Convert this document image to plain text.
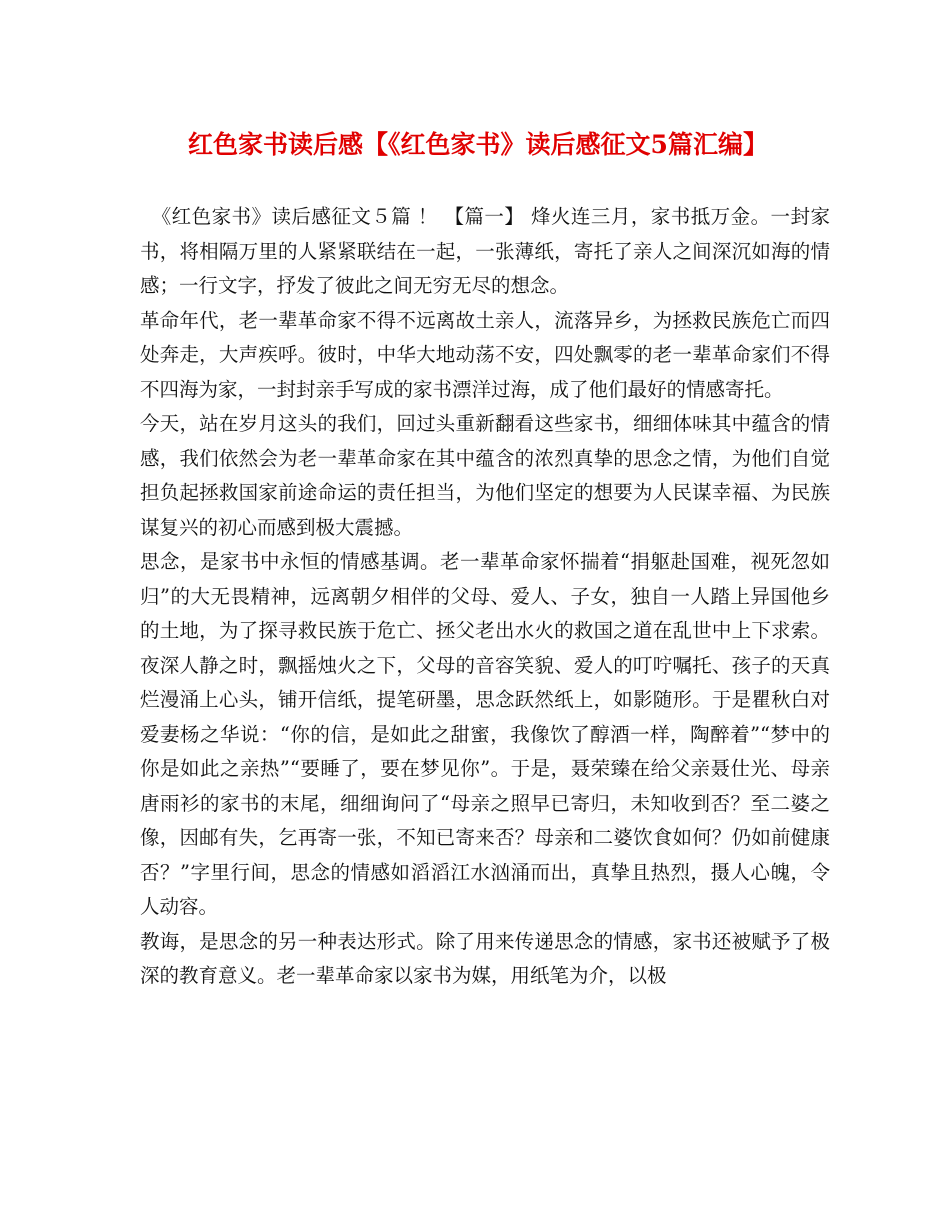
红色家书读后感【《红色家书》读后感征文5篇汇编】

《红色家书》读后感征文５篇 ！ 【篇一】 烽火连三月，家书抵万金。一封家书，将相隔万里的人紧紧联结在一起，一张薄纸，寄托了亲人之间深沉如海的情感；一行文字，抒发了彼此之间无穷无尽的想念。

革命年代，老一辈革命家不得不远离故土亲人，流落异乡，为拯救民族危亡而四处奔走，大声疾呼。彼时，中华大地动荡不安，四处飘零的老一辈革命家们不得不四海为家，一封封亲手写成的家书漂洋过海，成了他们最好的情感寄托。

今天，站在岁月这头的我们，回过头重新翻看这些家书，细细体味其中蕴含的情感，我们依然会为老一辈革命家在其中蕴含的浓烈真挚的思念之情，为他们自觉担负起拯救国家前途命运的责任担当，为他们坚定的想要为人民谋幸福、为民族谋复兴的初心而感到极大震撼。

思念，是家书中永恒的情感基调。老一辈革命家怀揣着“捐躯赴国难，视死忽如归”的大无畏精神，远离朝夕相伴的父母、爱人、子女，独自一人踏上异国他乡的土地，为了探寻救民族于危亡、拯父老出水火的救国之道在乱世中上下求索。夜深人静之时，飘摇烛火之下，父母的音容笑貌、爱人的叮咛嘱托、孩子的天真烂漫涌上心头，铺开信纸，提笔研墨，思念跃然纸上，如影随形。于是瞿秋白对爱妻杨之华说：“你的信，是如此之甜蜜，我像饮了醇酒一样，陶醉着”“梦中的你是如此之亲热”“要睡了，要在梦见你”。于是，聂荣臻在给父亲聂仕光、母亲唐雨衫的家书的末尾，细细询问了“母亲之照早已寄归，未知收到否？至二婆之像，因邮有失，乞再寄一张，不知已寄来否？母亲和二婆饮食如何？仍如前健康否？”字里行间，思念的情感如滔滔江水汹涌而出，真挚且热烈，摄人心魄，令人动容。

教诲，是思念的另一种表达形式。除了用来传递思念的情感，家书还被赋予了极深的教育意义。老一辈革命家以家书为媒，用纸笔为介，以极
